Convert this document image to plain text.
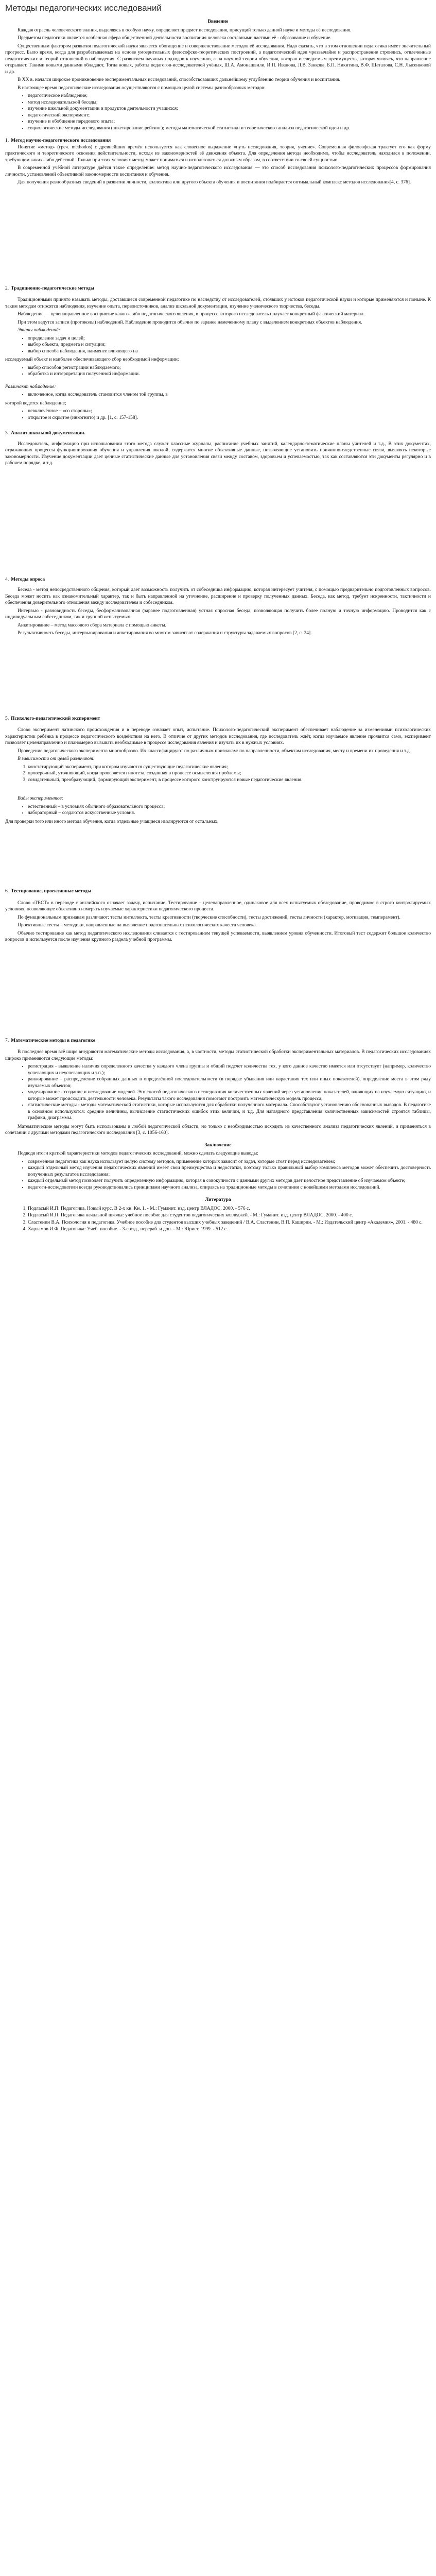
Методы педагогических исследований
Введение

Каждая отрасль человеческого знания, выделяясь в особую науку, определяет предмет исследования, присущий только данной науке и методы её исследования.

Предметом педагогики является особенная сфера общественной деятельности воспитания человека составными частями её - образование и обучение.

Существенным фактором развития педагогической науки является обогащение и совершенствование методов её исследования. Надо сказать, что в этом отношении педагогика имеет значительный прогресс. Было время, когда для разрабатываемых на основе умозрительных философско-теоретических построений, а педагогический идеи чрезвычайно и распространение строились, отвлеченные педагогических и теорий отношений в наблюдения. С развитием научных подходов к изучению, а на научной теории обучения, которая исследуемым преимуществ, которая являясь, что направление открывает. Такими новыми данными обладают, Тогда новых, работы педагогов-исследователей учёных, Ш.А. Амонашвили, И.П. Иванова, Л.В. Занкова, Б.П. Никитина, В.Ф. Шаталова, С.Н. Лысенковой и др.

В ХХ в. начался широкое проникновение экспериментальных исследований, способствовавших дальнейшему углублению теории обучения и воспитания.

В настоящее время педагогические исследования осуществляются с помощью целой системы разнообразных методов:

• педагогическое наблюдение;
• метод исследовательской беседы;
• изучение школьной документации и продуктов деятельности учащихся;
• педагогический эксперимент;
• изучение и обобщение передового опыта;
• социологические методы исследования (анкетирование рейтинг); методы математической статистики и теоретического анализа педагогической идеи и др.
1. Метод научно-педагогического исследования

Понятие «метод» (греч. methodos) с древнейших времён используется как словесное выражение «путь исследования, теория, учение». Современная философская трактует его как форму практического и теоретического освоения действительности, исходя из закономерностей её движения объекта. Для определения метода необходимо, чтобы исследователь находился в положении, требующем каких-либо действий. Только при этих условиях метод может пониматься и использоваться должным образом, в соответствии со своей сущностью.

В современной учёбной литературе даётся такое определение: метод научно-педагогического исследования — это способ исследования психолого-педагогических процессов формирования личности, установлений объективной закономерности воспитания и обучения.

Для получения разнообразных сведений в развитии личности, коллектива или другого объекта обучения и воспитания подбирается оптимальный комплекс методов исследования[4, с. 376].

2. Традиционно-педагогические методы

Традиционными принято называть методы, доставшиеся современной педагогике по наследству от исследователей, стоявших у истоков педагогической науки и которые применяются и поныне. К таким методам относятся наблюдения, изучение опыта, первоисточников, анализ школьной документации, изучение ученического творчества, беседы.

Наблюдение — целенаправленное восприятие какого-либо педагогического явления, в процессе которого исследователь получает конкретный фактический материал.

При этом ведутся записи (протоколы) наблюдений. Наблюдение проводится обычно по заранее намеченному плану с выделением конкретных объектов наблюдения.

Этапы наблюдений:

• определение задач и целей;
• выбор объекта, предмета и ситуации;
• выбор способа наблюдения, наименее влияющего на

исследуемый объект и наиболее обеспечивающего сбор необходимой информации;

• выбор способов регистрации наблюдаемого;
• обработка и интерпретация полученной информации.

Различают наблюдение:

• включенное, когда исследователь становится членом той группы, в

которой ведется наблюдение;

• невключённое – «со стороны»;
• открытое и скрытое (инкогнито) и др. [1, с. 157-158].
3. Анализ школьной документации.

Исследователь, информацию при использовании этого метода служат классные журналы, расписание учебных занятий, календарно-тематические планы учителей и т.д., В этих документах, отражающих процессы функционирования обучения и управления школой, содержатся многие объективные данные, позволяющие установить причинно-следственные связи, выявлять некоторые закономерности. Изучение документации дает ценные статистические данные для установления связи между составом, здоровьем и успеваемостью, так как составляются эти документы регулярно и в рабочем порядке, и т.д.

4. Методы опроса

Беседа - метод непосредственного общения, который дает возможность получить от собеседника информацию, которая интересует учителя, с помощью предварительно подготовленных вопросов. Беседа может носить как ознакомительный характер, так и быть направленной на уточнение, расширение и проверку полученных данных. Беседа, как метод, требует искренности, тактичности и обеспечения доверительного отношения между исследователем и собеседником.

Интервью - разновидность беседы, бесформализованная (заранее подготовленная) устная опросная беседа, позволяющая получить более полную и точную информацию. Проводится как с индивидуальным собеседником, так и группой испытуемых.

Анкетирование – метод массового сбора материала с помощью анкеты.

Результативность беседы, интервьюирования и анкетирования во многом зависят от содержания и структуры задаваемых вопросов [2, с. 24].

5. Психолого-педагогический эксперимент

Слово эксперимент латинского происхождения и в переводе означает опыт, испытание. Психолого-педагогический эксперимент обеспечивает наблюдение за изменениями психологических характеристик ребёнка в процессе педагогического воздействия на него. В отличие от других методов исследования, где исследователь ждёт, когда изучаемое явление проявится само, эксперимент позволяет целенаправленно и планомерно вызывать необходимые в процессе исследования явления и изучать их в нужных условиях.

Проведение педагогического эксперимента многообразно. Их классифицируют по различным признакам: по направленности, объектам исследования, месту и времени их проведения и т.д.

В зависимости от целей различают:

1. констатирующий эксперимент, при котором изучаются существующие педагогические явления;
2. проверочный, уточняющий, когда проверяется гипотеза, созданная в процессе осмысления проблемы;
3. созидательный, преобразующий, формирующий эксперимент, в процессе которого конструируются новые педагогические явления.

Виды экспериментов:

• естественный – в условиях обычного образовательного процесса;
• лабораторный – создаются искусственные условия.

Для проверки того или иного метода обучения, когда отдельные учащиеся изолируются от остальных.

6. Тестирование, проективные методы

Слово «ТЕСТ» в переводе с английского означает задачу, испытание. Тестирование – целенаправленное, одинаковое для всех испытуемых обследование, проводимое в строго контролируемых условиях, позволяющее объективно измерять изучаемые характеристики педагогического процесса.

По функциональным признакам различают: тесты интеллекта, тесты креативности (творческие способности), тесты достижений, тесты личности (характер, мотивация, темперамент).

Проективные тесты – методики, направленные на выявление подсознательных психологических качеств человека.

Обычно тестирование как метод педагогического исследования сливается с тестированием текущей успеваемости, выявлением уровня обученности. Итоговый тест содержит большое количество вопросов и используется после изучения крупного раздела учебной программы.

7. Математические методы в педагогике

В последнее время всё шире внедряются математические методы исследования, а, в частности, методы статистической обработки экспериментальных материалов. В педагогических исследованиях широко применяются следующие методы:

• регистрация - выявление наличия определенного качества у каждого члена группы и общий подсчет количества тех, у кого данное качество имеется или отсутствует (например, количество успевающих и неуспевающих и т.п.);
• ранжирование – распределение собранных данных в определённой последовательности (в порядке убывания или нарастания тех или иных показателей), определение места в этом ряду изучаемых объектов;
• моделирование - создание и исследование моделей. Это способ педагогического исследования количественных явлений через установление показателей, влияющих на изучаемую ситуацию, и которые может происходить деятельности человека. Результаты такого исследования помогают построить математическую модель процесса;
• статистические методы - методы математической статистики, которые используются для обработки полученного материала. Способствуют установлению обоснованных выводов. В педагогике в основном используются: средние величины, вычисление статистических ошибок этих величин, и т.д. Для наглядного представления количественных зависимостей строятся таблицы, графики, диаграммы.

Математические методы могут быть использованы в любой педагогической области, но только с необходимостью исходить из качественного анализа педагогических явлений, и применяться в сочетании с другими методами педагогического исследования [3, с. 1056-160].

Заключение

Подводя итоги краткой характеристики методов педагогических исследований, можно сделать следующие выводы:

• современная педагогика как наука использует целую систему методов, применение которых зависит от задач, которые стоят перед исследователем;
• каждый отдельный метод изучения педагогических явлений имеет свои преимущества и недостатки, поэтому только правильный выбор комплекса методов может обеспечить достоверность полученных результатов исследования;
• каждый отдельный метод позволяет получить определенную информацию, которая в совокупности с данными других методов дает целостное представление об изучаемом объекте;
• педагоги-исследователи всегда руководствовались принципами научного анализа, опираясь на традиционные методы в сочетании с новейшими методами исследований.
Литература
1. Подласый И.П. Педагогика. Новый курс. В 2-х кн. Кн. 1. - М.: Гуманит. изд. центр ВЛАДОС, 2000. - 576 с.
2. Подласый И.П. Педагогика начальной школы: учебное пособие для студентов педагогических колледжей. - М.: Гуманит. изд. центр ВЛАДОС, 2000. - 400 с.
3. Сластенин В.А. Психология и педагогика. Учебное пособие для студентов высших учебных заведений / В.А. Сластенин, В.П. Каширин. - М.: Издательский центр «Академия», 2001. - 480 с.
4. Харламов И.Ф. Педагогика: Учеб. пособие. - 3-е изд., перераб. и доп. - М.: Юрист, 1999. - 512 с.
